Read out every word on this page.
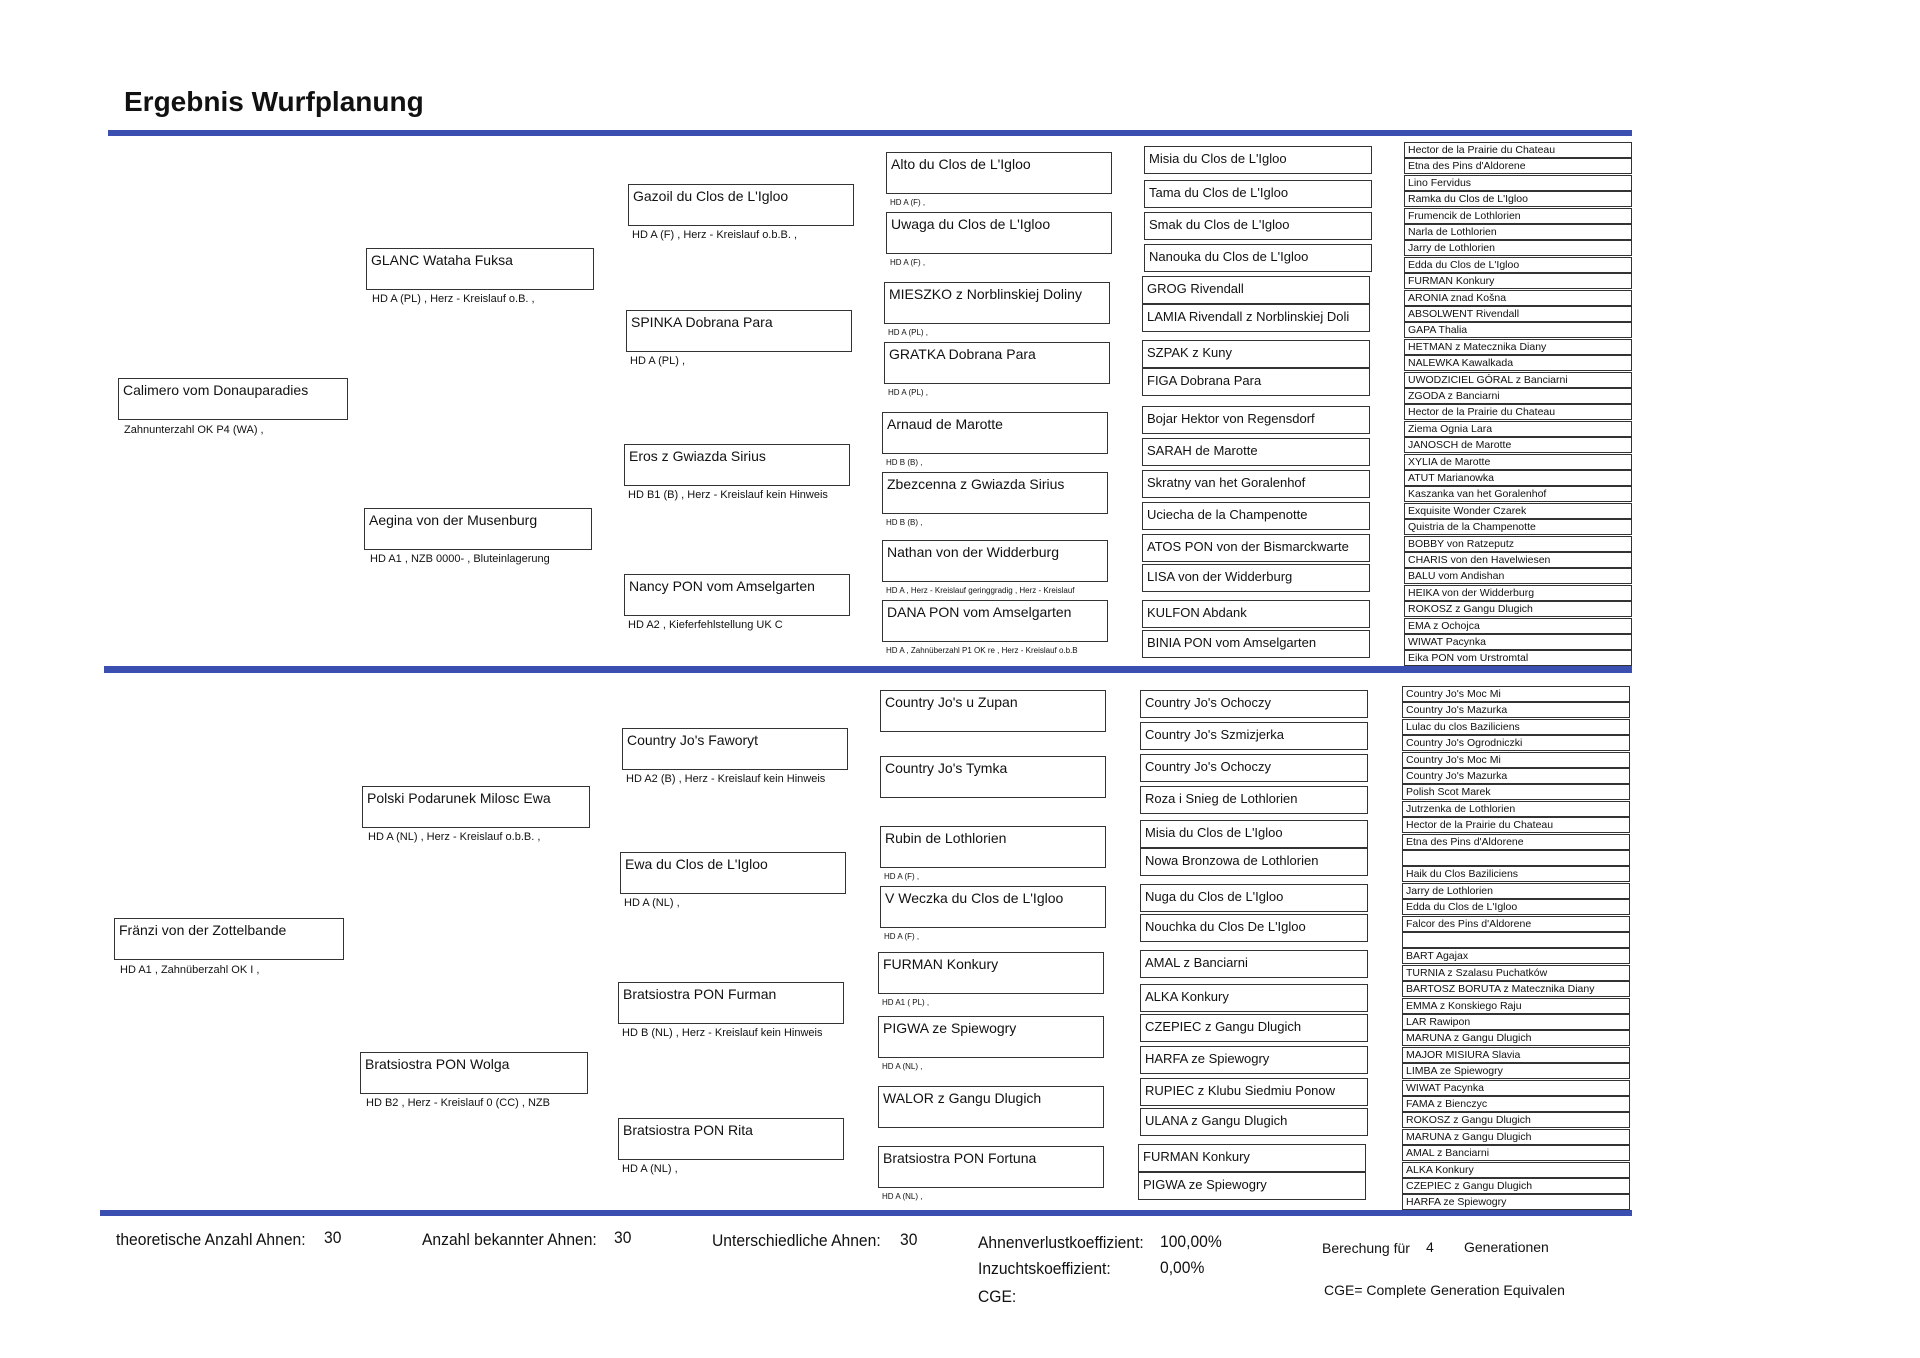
Ergebnis Wurfplanung
Calimero vom Donauparadies
Zahnunterzahl OK P4 (WA) ,
Fränzi von der Zottelbande
HD A1 , Zahnüberzahl OK I ,
GLANC Wataha Fuksa
HD A (PL) , Herz - Kreislauf o.B. ,
Aegina von der Musenburg
HD A1 , NZB 0000- , Bluteinlagerung
Polski Podarunek Milosc Ewa
HD A (NL) , Herz - Kreislauf o.b.B. ,
Bratsiostra PON Wolga
HD B2 , Herz - Kreislauf 0 (CC) , NZB
Gazoil du Clos de L'Igloo
HD A (F) , Herz - Kreislauf o.b.B. ,
SPINKA Dobrana Para
HD A (PL) ,
Eros z Gwiazda Sirius
HD B1 (B) , Herz - Kreislauf kein Hinweis
Nancy PON vom Amselgarten
HD A2 , Kieferfehlstellung UK C
Country Jo's Faworyt
HD A2 (B) , Herz - Kreislauf kein Hinweis
Ewa du Clos de L'Igloo
HD A (NL) ,
Bratsiostra PON Furman
HD B (NL) , Herz - Kreislauf kein Hinweis
Bratsiostra PON Rita
HD A (NL) ,
Alto du Clos de L'Igloo
HD A (F) ,
Uwaga du Clos de L'Igloo
HD A (F) ,
MIESZKO z Norblinskiej Doliny
HD A (PL) ,
GRATKA Dobrana Para
HD A (PL) ,
Arnaud de Marotte
HD B (B) ,
Zbezcenna z Gwiazda Sirius
HD B (B) ,
Nathan von der Widderburg
HD A , Herz - Kreislauf geringgradig , Herz - Kreislauf
DANA PON vom Amselgarten
HD A , Zahnüberzahl P1 OK re , Herz - Kreislauf o.b.B
Country Jo's u Zupan
Country Jo's Tymka
Rubin de Lothlorien
HD A (F) ,
V Weczka du Clos de L'Igloo
HD A (F) ,
FURMAN Konkury
HD A1 ( PL) ,
PIGWA ze Spiewogry
HD A (NL) ,
WALOR z Gangu Dlugich
Bratsiostra PON Fortuna
HD A (NL) ,
Misia du Clos de L'Igloo
Tama du Clos de L'Igloo
Smak du Clos de L'Igloo
Nanouka du Clos de L'Igloo
GROG Rivendall
LAMIA Rivendall z Norblinskiej Doli
SZPAK z Kuny
FIGA Dobrana Para
Bojar Hektor von Regensdorf
SARAH de Marotte
Skratny van het Goralenhof
Uciecha de la Champenotte
ATOS PON von der Bismarckwarte
LISA von der Widderburg
KULFON Abdank
BINIA PON vom Amselgarten
Country Jo's Ochoczy
Country Jo's Szmizjerka
Country Jo's Ochoczy
Roza i Snieg de Lothlorien
Misia du Clos de L'Igloo
Nowa Bronzowa de Lothlorien
Nuga du Clos de L'Igloo
Nouchka du Clos De L'Igloo
AMAL z Banciarni
ALKA Konkury
CZEPIEC z Gangu Dlugich
HARFA ze Spiewogry
RUPIEC z Klubu Siedmiu Ponow
ULANA z Gangu Dlugich
FURMAN Konkury
PIGWA ze Spiewogry
Hector de la Prairie du Chateau
Etna des Pins d'Aldorene
Lino Fervidus
Ramka du Clos de L'Igloo
Frumencik de Lothlorien
Narla de Lothlorien
Jarry de Lothlorien
Edda du Clos de L'Igloo
FURMAN Konkury
ARONIA znad Košna
ABSOLWENT Rivendall
GAPA Thalia
HETMAN z Matecznika Diany
NALEWKA Kawalkada
UWODZICIEL GÓRAL z Banciarni
ZGODA z Banciarni
Hector de la Prairie du Chateau
Ziema Ognia Lara
JANOSCH de Marotte
XYLIA de Marotte
ATUT Marianowka
Kaszanka van het Goralenhof
Exquisite Wonder Czarek
Quistria de la Champenotte
BOBBY von Ratzeputz
CHARIS von den Havelwiesen
BALU vom Andishan
HEIKA von der Widderburg
ROKOSZ z Gangu Dlugich
EMA z Ochojca
WIWAT Pacynka
Eika PON vom Urstromtal
Country Jo's Moc Mi
Country Jo's Mazurka
Lulac du clos Baziliciens
Country Jo's Ogrodniczki
Country Jo's Moc Mi
Country Jo's Mazurka
Polish Scot Marek
Jutrzenka de Lothlorien
Hector de la Prairie du Chateau
Etna des Pins d'Aldorene
Haik du Clos Baziliciens
Jarry de Lothlorien
Edda du Clos de L'Igloo
Falcor des Pins d'Aldorene
BART Agajax
TURNIA z Szalasu Puchatków
BARTOSZ BORUTA z Matecznika Diany
EMMA z Konskiego Raju
LAR Rawipon
MARUNA z Gangu Dlugich
MAJOR MISIURA Slavia
LIMBA ze Spiewogry
WIWAT Pacynka
FAMA z Bienczyc
ROKOSZ z Gangu Dlugich
MARUNA z Gangu Dlugich
AMAL z Banciarni
ALKA Konkury
CZEPIEC z Gangu Dlugich
HARFA ze Spiewogry
theoretische Anzahl Ahnen: 30	Anzahl bekannter Ahnen: 30	Unterschiedliche Ahnen: 30	Ahnenverlustkoeffizient: 100,00%
Inzuchtskoeffizient:	0,00%
CGE:
Berechung für 4 Generationen
CGE= Complete Generation Equivalen
